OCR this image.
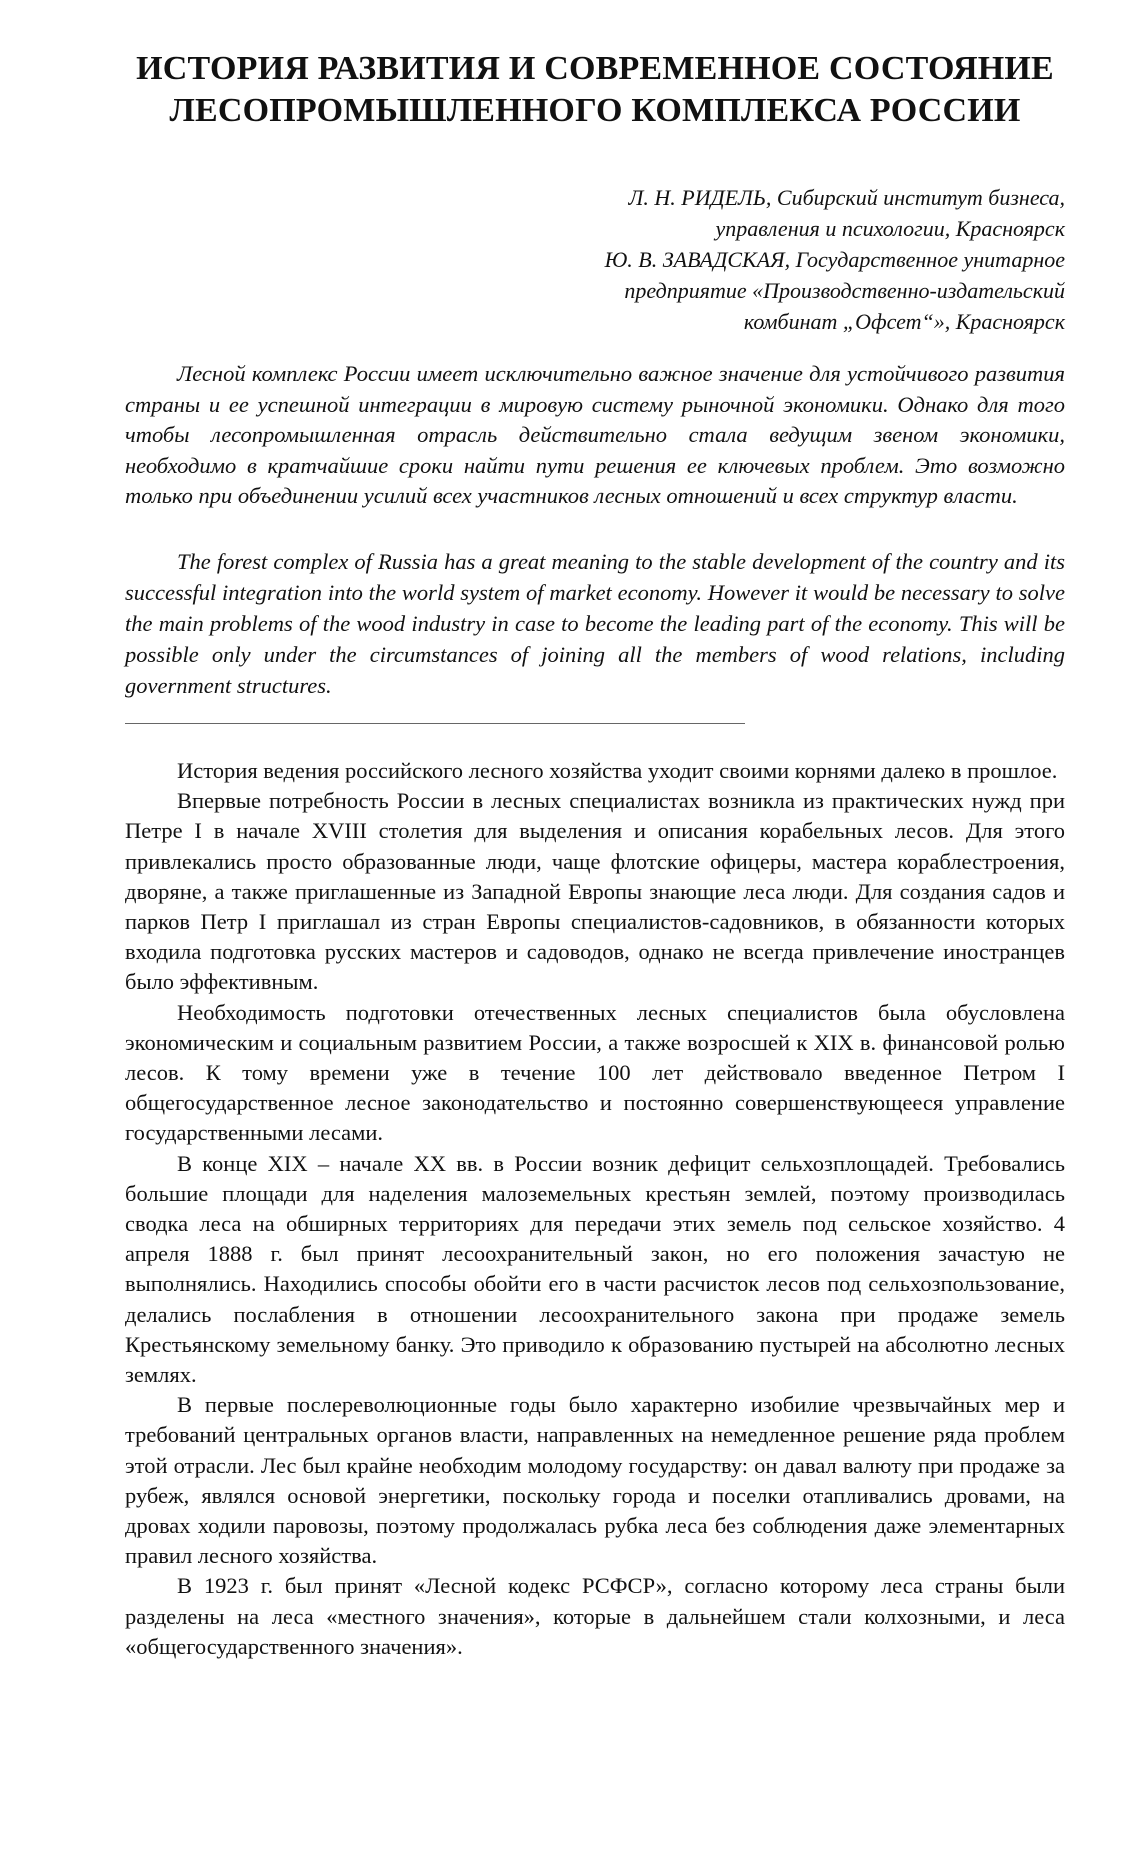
ИСТОРИЯ РАЗВИТИЯ И СОВРЕМЕННОЕ СОСТОЯНИЕ
ЛЕСОПРОМЫШЛЕННОГО КОМПЛЕКСА РОССИИ
Л. Н. РИДЕЛЬ, Сибирский институт бизнеса,
управления и психологии, Красноярск
Ю. В. ЗАВАДСКАЯ, Государственное унитарное
предприятие «Производственно-издательский
комбинат „Офсет“», Красноярск

Лесной комплекс России имеет исключительно важное значение для устойчивого развития страны и ее успешной интеграции в мировую систему рыночной экономики. Однако для того чтобы лесопромышленная отрасль действительно стала ведущим звеном экономики, необходимо в кратчайшие сроки найти пути решения ее ключевых проблем. Это возможно только при объединении усилий всех участников лесных отношений и всех структур власти.

The forest complex of Russia has a great meaning to the stable development of the country and its successful integration into the world system of market economy. However it would be necessary to solve the main problems of the wood industry in case to become the leading part of the economy. This will be possible only under the circumstances of joining all the members of wood relations, including government structures.

История ведения российского лесного хозяйства уходит своими корнями далеко в прошлое.

Впервые потребность России в лесных специалистах возникла из практических нужд при Петре I в начале XVIII столетия для выделения и описания корабельных лесов. Для этого привлекались просто образованные люди, чаще флотские офицеры, мастера кораблестроения, дворяне, а также приглашенные из Западной Европы знающие леса люди. Для создания садов и парков Петр I приглашал из стран Европы специалистов-садовников, в обязанности которых входила подготовка русских мастеров и садоводов, однако не всегда привлечение иностранцев было эффективным.

Необходимость подготовки отечественных лесных специалистов была обусловлена экономическим и социальным развитием России, а также возросшей к XIX в. финансовой ролью лесов. К тому времени уже в течение 100 лет действовало введенное Петром I общегосударственное лесное законодательство и постоянно совершенствующееся управление государственными лесами.

В конце XIX – начале XX вв. в России возник дефицит сельхозплощадей. Требовались большие площади для наделения малоземельных крестьян землей, поэтому производилась сводка леса на обширных территориях для передачи этих земель под сельское хозяйство. 4 апреля 1888 г. был принят лесоохранительный закон, но его положения зачастую не выполнялись. Находились способы обойти его в части расчисток лесов под сельхозпользование, делались послабления в отношении лесоохранительного закона при продаже земель Крестьянскому земельному банку. Это приводило к образованию пустырей на абсолютно лесных землях.

В первые послереволюционные годы было характерно изобилие чрезвычайных мер и требований центральных органов власти, направленных на немедленное решение ряда проблем этой отрасли. Лес был крайне необходим молодому государству: он давал валюту при продаже за рубеж, являлся основой энергетики, поскольку города и поселки отапливались дровами, на дровах ходили паровозы, поэтому продолжалась рубка леса без соблюдения даже элементарных правил лесного хозяйства.

В 1923 г. был принят «Лесной кодекс РСФСР», согласно которому леса страны были разделены на леса «местного значения», которые в дальнейшем стали колхозными, и леса «общегосударственного значения».
